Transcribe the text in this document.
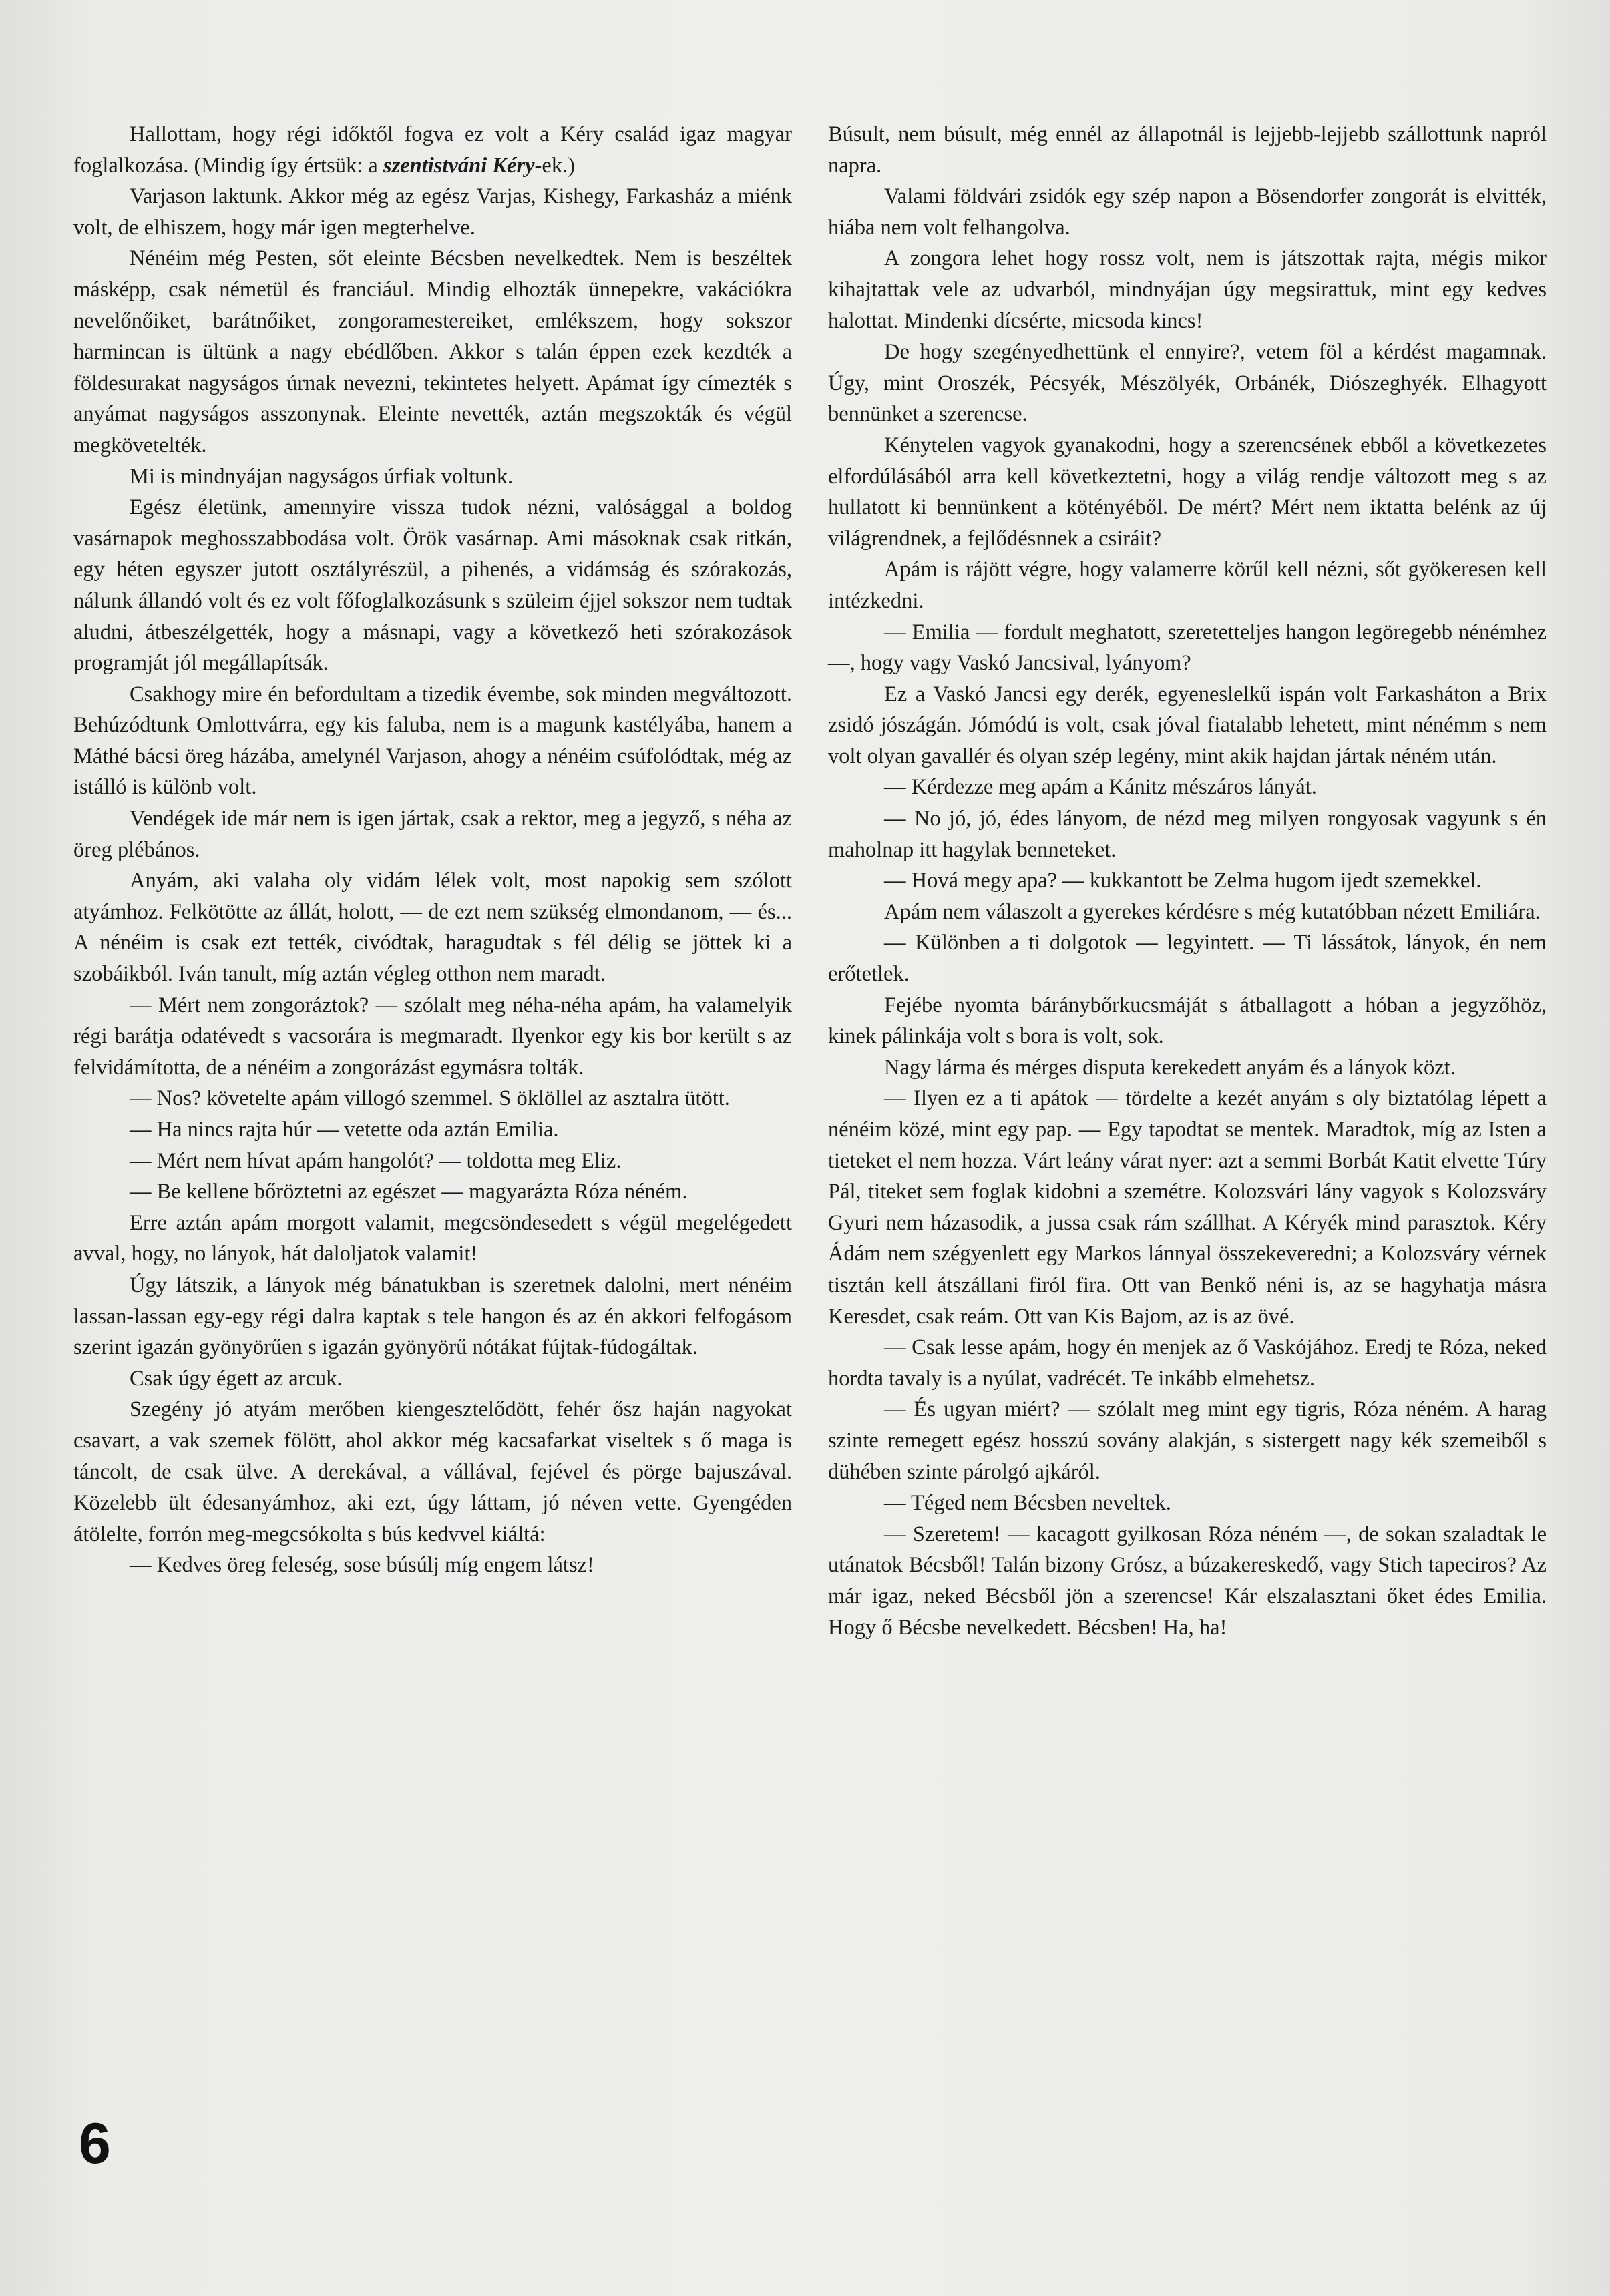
Hallottam, hogy régi időktől fogva ez volt a Kéry család igaz magyar foglalkozása. (Mindig így értsük: a szentistváni Kéry-ek.)

Varjason laktunk. Akkor még az egész Varjas, Kishegy, Farkasház a miénk volt, de elhiszem, hogy már igen megterhelve.

Nénéim még Pesten, sőt eleinte Bécsben nevelkedtek. Nem is beszéltek másképp, csak németül és franciául. Mindig elhozták ünnepekre, vakációkra nevelőnőiket, barátnőiket, zongoramestereiket, emlékszem, hogy sokszor harmincan is ültünk a nagy ebédlőben. Akkor s talán éppen ezek kezdték a földesurakat nagyságos úrnak nevezni, tekintetes helyett. Apámat így címezték s anyámat nagyságos asszonynak. Eleinte nevették, aztán megszokták és végül megkövetelték.

Mi is mindnyájan nagyságos úrfiak voltunk.

Egész életünk, amennyire vissza tudok nézni, valósággal a boldog vasárnapok meghosszabbodása volt. Örök vasárnap. Ami másoknak csak ritkán, egy héten egyszer jutott osztályrészül, a pihenés, a vidámság és szórakozás, nálunk állandó volt és ez volt főfoglalkozásunk s szüleim éjjel sokszor nem tudtak aludni, átbeszélgették, hogy a másnapi, vagy a következő heti szórakozások programját jól megállapítsák.

Csakhogy mire én befordultam a tizedik évembe, sok minden megváltozott. Behúzódtunk Omlottvárra, egy kis faluba, nem is a magunk kastélyába, hanem a Máthé bácsi öreg házába, amelynél Varjason, ahogy a nénéim csúfolódtak, még az istálló is különb volt.

Vendégek ide már nem is igen jártak, csak a rektor, meg a jegyző, s néha az öreg plébános.

Anyám, aki valaha oly vidám lélek volt, most napokig sem szólott atyámhoz. Felkötötte az állát, holott, — de ezt nem szükség elmondanom, — és... A nénéim is csak ezt tették, civódtak, haragudtak s fél délig se jöttek ki a szobáikból. Iván tanult, míg aztán végleg otthon nem maradt.

— Mért nem zongoráztok? — szólalt meg néha-néha apám, ha valamelyik régi barátja odatévedt s vacsorára is megmaradt. Ilyenkor egy kis bor került s az felvidámította, de a nénéim a zongorázást egymásra tolták.

— Nos? követelte apám villogó szemmel. S öklöllel az asztalra ütött.

— Ha nincs rajta húr — vetette oda aztán Emilia.

— Mért nem hívat apám hangolót? — toldotta meg Eliz.

— Be kellene bőröztetni az egészet — magyarázta Róza néném.

Erre aztán apám morgott valamit, megcsöndesedett s végül megelégedett avval, hogy, no lányok, hát daloljatok valamit!

Úgy látszik, a lányok még bánatukban is szeretnek dalolni, mert nénéim lassan-lassan egy-egy régi dalra kaptak s tele hangon és az én akkori felfogásom szerint igazán gyönyörűen s igazán gyönyörű nótákat fújtak-fúdogáltak.

Csak úgy égett az arcuk.

Szegény jó atyám merőben kiengesztelődött, fehér ősz haján nagyokat csavart, a vak szemek fölött, ahol akkor még kacsafarkat viseltek s ő maga is táncolt, de csak ülve. A derekával, a vállával, fejével és pörge bajuszával. Közelebb ült édesanyámhoz, aki ezt, úgy láttam, jó néven vette. Gyengéden átölelte, forrón meg-megcsókolta s bús kedvvel kiáltá:

— Kedves öreg feleség, sose búsúlj míg engem látsz!

Búsult, nem búsult, még ennél az állapotnál is lejjebb-lejjebb szállottunk napról napra.

Valami földvári zsidók egy szép napon a Bösendorfer zongorát is elvitték, hiába nem volt felhangolva.

A zongora lehet hogy rossz volt, nem is játszottak rajta, mégis mikor kihajtattak vele az udvarból, mindnyájan úgy megsirattuk, mint egy kedves halottat. Mindenki dícsérte, micsoda kincs!

De hogy szegényedhettünk el ennyire?, vetem föl a kérdést magamnak. Úgy, mint Oroszék, Pécsyék, Mészölyék, Orbánék, Diószeghyék. Elhagyott bennünket a szerencse.

Kénytelen vagyok gyanakodni, hogy a szerencsének ebből a következetes elfordúlásából arra kell következtetni, hogy a világ rendje változott meg s az hullatott ki bennünkent a kötényéből. De mért? Mért nem iktatta belénk az új világrendnek, a fejlődésnnek a csiráit?

Apám is rájött végre, hogy valamerre körűl kell nézni, sőt gyökeresen kell intézkedni.

— Emilia — fordult meghatott, szeretetteljes hangon legöregebb nénémhez —, hogy vagy Vaskó Jancsival, lyányom?

Ez a Vaskó Jancsi egy derék, egyeneslelkű ispán volt Farkasháton a Brix zsidó jószágán. Jómódú is volt, csak jóval fiatalabb lehetett, mint nénémm s nem volt olyan gavallér és olyan szép legény, mint akik hajdan jártak néném után.

— Kérdezze meg apám a Kánitz mészáros lányát.

— No jó, jó, édes lányom, de nézd meg milyen rongyosak vagyunk s én maholnap itt hagylak benneteket.

— Hová megy apa? — kukkantott be Zelma hugom ijedt szemekkel.

Apám nem válaszolt a gyerekes kérdésre s még kutatóbban nézett Emiliára.

— Különben a ti dolgotok — legyintett. — Ti lássátok, lányok, én nem erőtetlek.

Fejébe nyomta báránybőrkucsmáját s átballagott a hóban a jegyzőhöz, kinek pálinkája volt s bora is volt, sok.

Nagy lárma és mérges disputa kerekedett anyám és a lányok közt.

— Ilyen ez a ti apátok — tördelte a kezét anyám s oly biztatólag lépett a nénéim közé, mint egy pap. — Egy tapodtat se mentek. Maradtok, míg az Isten a tieteket el nem hozza. Várt leány várat nyer: azt a semmi Borbát Katit elvette Túry Pál, titeket sem foglak kidobni a szemétre. Kolozsvári lány vagyok s Kolozsváry Gyuri nem házasodik, a jussa csak rám szállhat. A Kéryék mind parasztok. Kéry Ádám nem szégyenlett egy Markos lánnyal összekeveredni; a Kolozsváry vérnek tisztán kell átszállani firól fira. Ott van Benkő néni is, az se hagyhatja másra Keresdet, csak reám. Ott van Kis Bajom, az is az övé.

— Csak lesse apám, hogy én menjek az ő Vaskójához. Eredj te Róza, neked hordta tavaly is a nyúlat, vadrécét. Te inkább elmehetsz.

— És ugyan miért? — szólalt meg mint egy tigris, Róza néném. A harag szinte remegett egész hosszú sovány alakján, s sistergett nagy kék szemeiből s dühében szinte párolgó ajkáról.

— Téged nem Bécsben neveltek.

— Szeretem! — kacagott gyilkosan Róza néném —, de sokan szaladtak le utánatok Bécsből! Talán bizony Grósz, a búzakereskedő, vagy Stich tapeciros? Az már igaz, neked Bécsből jön a szerencse! Kár elszalasztani őket édes Emilia. Hogy ő Bécsbe nevelkedett. Bécsben! Ha, ha!

6
